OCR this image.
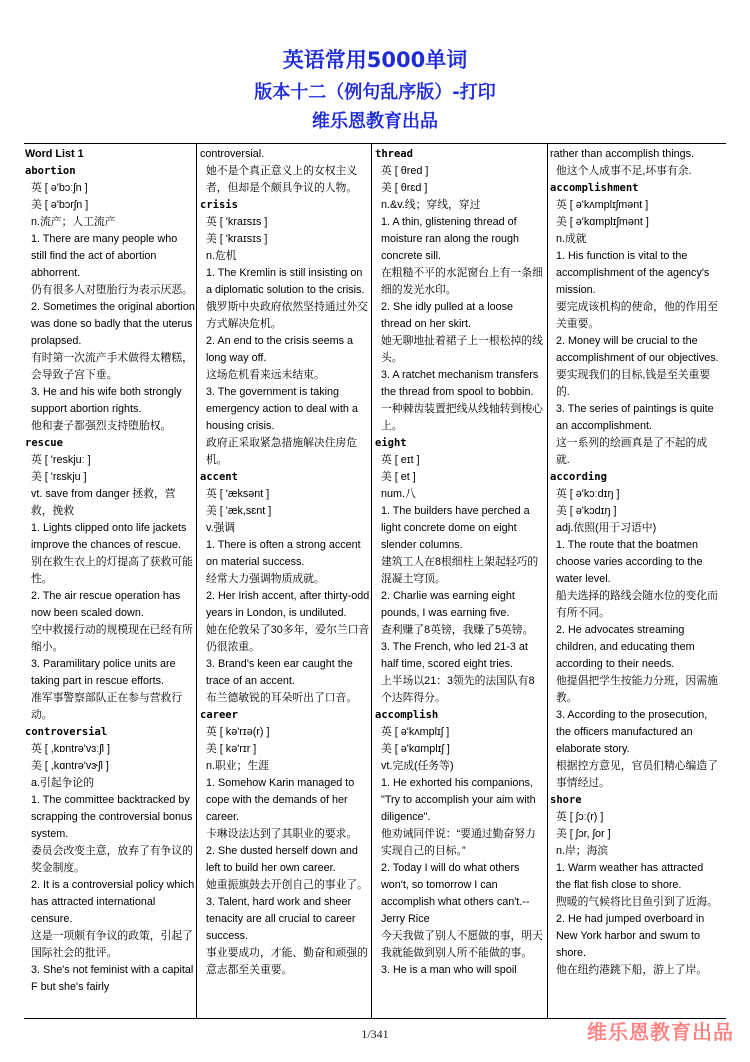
英语常用5000单词
版本十二（例句乱序版）-打印
维乐恩教育出品
Word List 1
abortion
英 [ ə'bɔːʃn ]
美 [ ə'bɔrʃn ]
n.流产；人工流产
1. There are many people who still find the act of abortion abhorrent.
仍有很多人对堕胎行为表示厌恶。
2. Sometimes the original abortion was done so badly that the uterus prolapsed.
有时第一次流产手术做得太糟糕，会导致子宫下垂。
3. He and his wife both strongly support abortion rights.
他和妻子都强烈支持堕胎权。
rescue
英 [ 'reskjuː ]
美 [ 'rɛskju ]
vt. save from danger 拯救，营救，挽救
1. Lights clipped onto life jackets improve the chances of rescue.
别在救生衣上的灯提高了获救可能性。
2. The air rescue operation has now been scaled down.
空中救援行动的规模现在已经有所缩小。
3. Paramilitary police units are taking part in rescue efforts.
准军事警察部队正在参与营救行动。
controversial
英 [ ,kɒntrə'vɜːʃl ]
美 [ ,kɑntrə'vɝʃl ]
a.引起争论的
1. The committee backtracked by scrapping the controversial bonus system.
委员会改变主意，放弃了有争议的奖金制度。
2. It is a controversial policy which has attracted international censure.
这是一项颇有争议的政策，引起了国际社会的批评。
3. She's not feminist with a capital F but she's fairly
controversial.
她不是个真正意义上的女权主义者，但却是个颇具争议的人物。
crisis
英 [ 'kraɪsɪs ]
美 [ 'kraɪsɪs ]
n.危机
1. The Kremlin is still insisting on a diplomatic solution to the crisis.
俄罗斯中央政府依然坚持通过外交方式解决危机。
2. An end to the crisis seems a long way off.
这场危机看来远未结束。
3. The government is taking emergency action to deal with a housing crisis.
政府正采取紧急措施解决住房危机。
accent
英 [ 'æksənt ]
美 [ 'æk,sɛnt ]
v.强调
1. There is often a strong accent on material success.
经常大力强调物质成就。
2. Her Irish accent, after thirty-odd years in London, is undiluted.
她在伦敦呆了30多年，爱尔兰口音仍很浓重。
3. Brand's keen ear caught the trace of an accent.
布兰德敏锐的耳朵听出了口音。
career
英 [ kə'rɪə(r) ]
美 [ kə'rɪr ]
n.职业；生涯
1. Somehow Karin managed to cope with the demands of her career.
卡琳设法达到了其职业的要求。
2. She dusted herself down and left to build her own career.
她重振旗鼓去开创自己的事业了。
3. Talent, hard work and sheer tenacity are all crucial to career success.
事业要成功，才能、勤奋和顽强的意志都至关重要。
thread
英 [ θred ]
美 [ θrɛd ]
n.&v.线；穿线，穿过
1. A thin, glistening thread of moisture ran along the rough concrete sill.
在粗糙不平的水泥窗台上有一条细细的发光水印。
2. She idly pulled at a loose thread on her skirt.
她无聊地扯着裙子上一根松掉的线头。
3. A ratchet mechanism transfers the thread from spool to bobbin.
一种棘齿装置把线从线轴转到梭心上。
eight
英 [ eɪt ]
美 [ et ]
num.八
1. The builders have perched a light concrete dome on eight slender columns.
建筑工人在8根细柱上架起轻巧的混凝土穹顶。
2. Charlie was earning eight pounds, I was earning five.
查利赚了8英镑，我赚了5英镑。
3. The French, who led 21-3 at half time, scored eight tries.
上半场以21：3领先的法国队有8个达阵得分。
accomplish
英 [ ə'kʌmplɪʃ ]
美 [ ə'kɑmplɪʃ ]
vt.完成(任务等)
1. He exhorted his companions, "Try to accomplish your aim with diligence".
他劝诫同伴说：“要通过勤奋努力实现自己的目标。”
2. Today I will do what others won't, so tomorrow I can accomplish what others can't.-- Jerry Rice
今天我做了别人不愿做的事，明天我就能做到别人所不能做的事。
3. He is a man who will spoil
rather than accomplish things.
他这个人成事不足,坏事有余.
accomplishment
英 [ ə'kʌmplɪʃmənt ]
美 [ ə'kɑmplɪʃmənt ]
n.成就
1. His function is vital to the accomplishment of the agency's mission.
要完成该机构的使命，他的作用至关重要。
2. Money will be crucial to the accomplishment of our objectives.
要实现我们的目标,钱是至关重要的.
3. The series of paintings is quite an accomplishment.
这一系列的绘画真是了不起的成就.
according
英 [ ə'kɔːdɪŋ ]
美 [ ə'kɔdɪŋ ]
adj.依照(用于习语中)
1. The route that the boatmen choose varies according to the water level.
船夫选择的路线会随水位的变化而有所不同。
2. He advocates streaming children, and educating them according to their needs.
他提倡把学生按能力分班，因需施教。
3. According to the prosecution, the officers manufactured an elaborate story.
根据控方意见，官员们精心编造了事情经过。
shore
英 [ ʃɔː(r) ]
美 [ ʃɔr, ʃor ]
n.岸；海滨
1. Warm weather has attracted the flat fish close to shore.
煦暖的气候将比目鱼引到了近海。
2. He had jumped overboard in New York harbor and swum to shore.
他在纽约港跳下船，游上了岸。
1/341	维乐恩教育出品
